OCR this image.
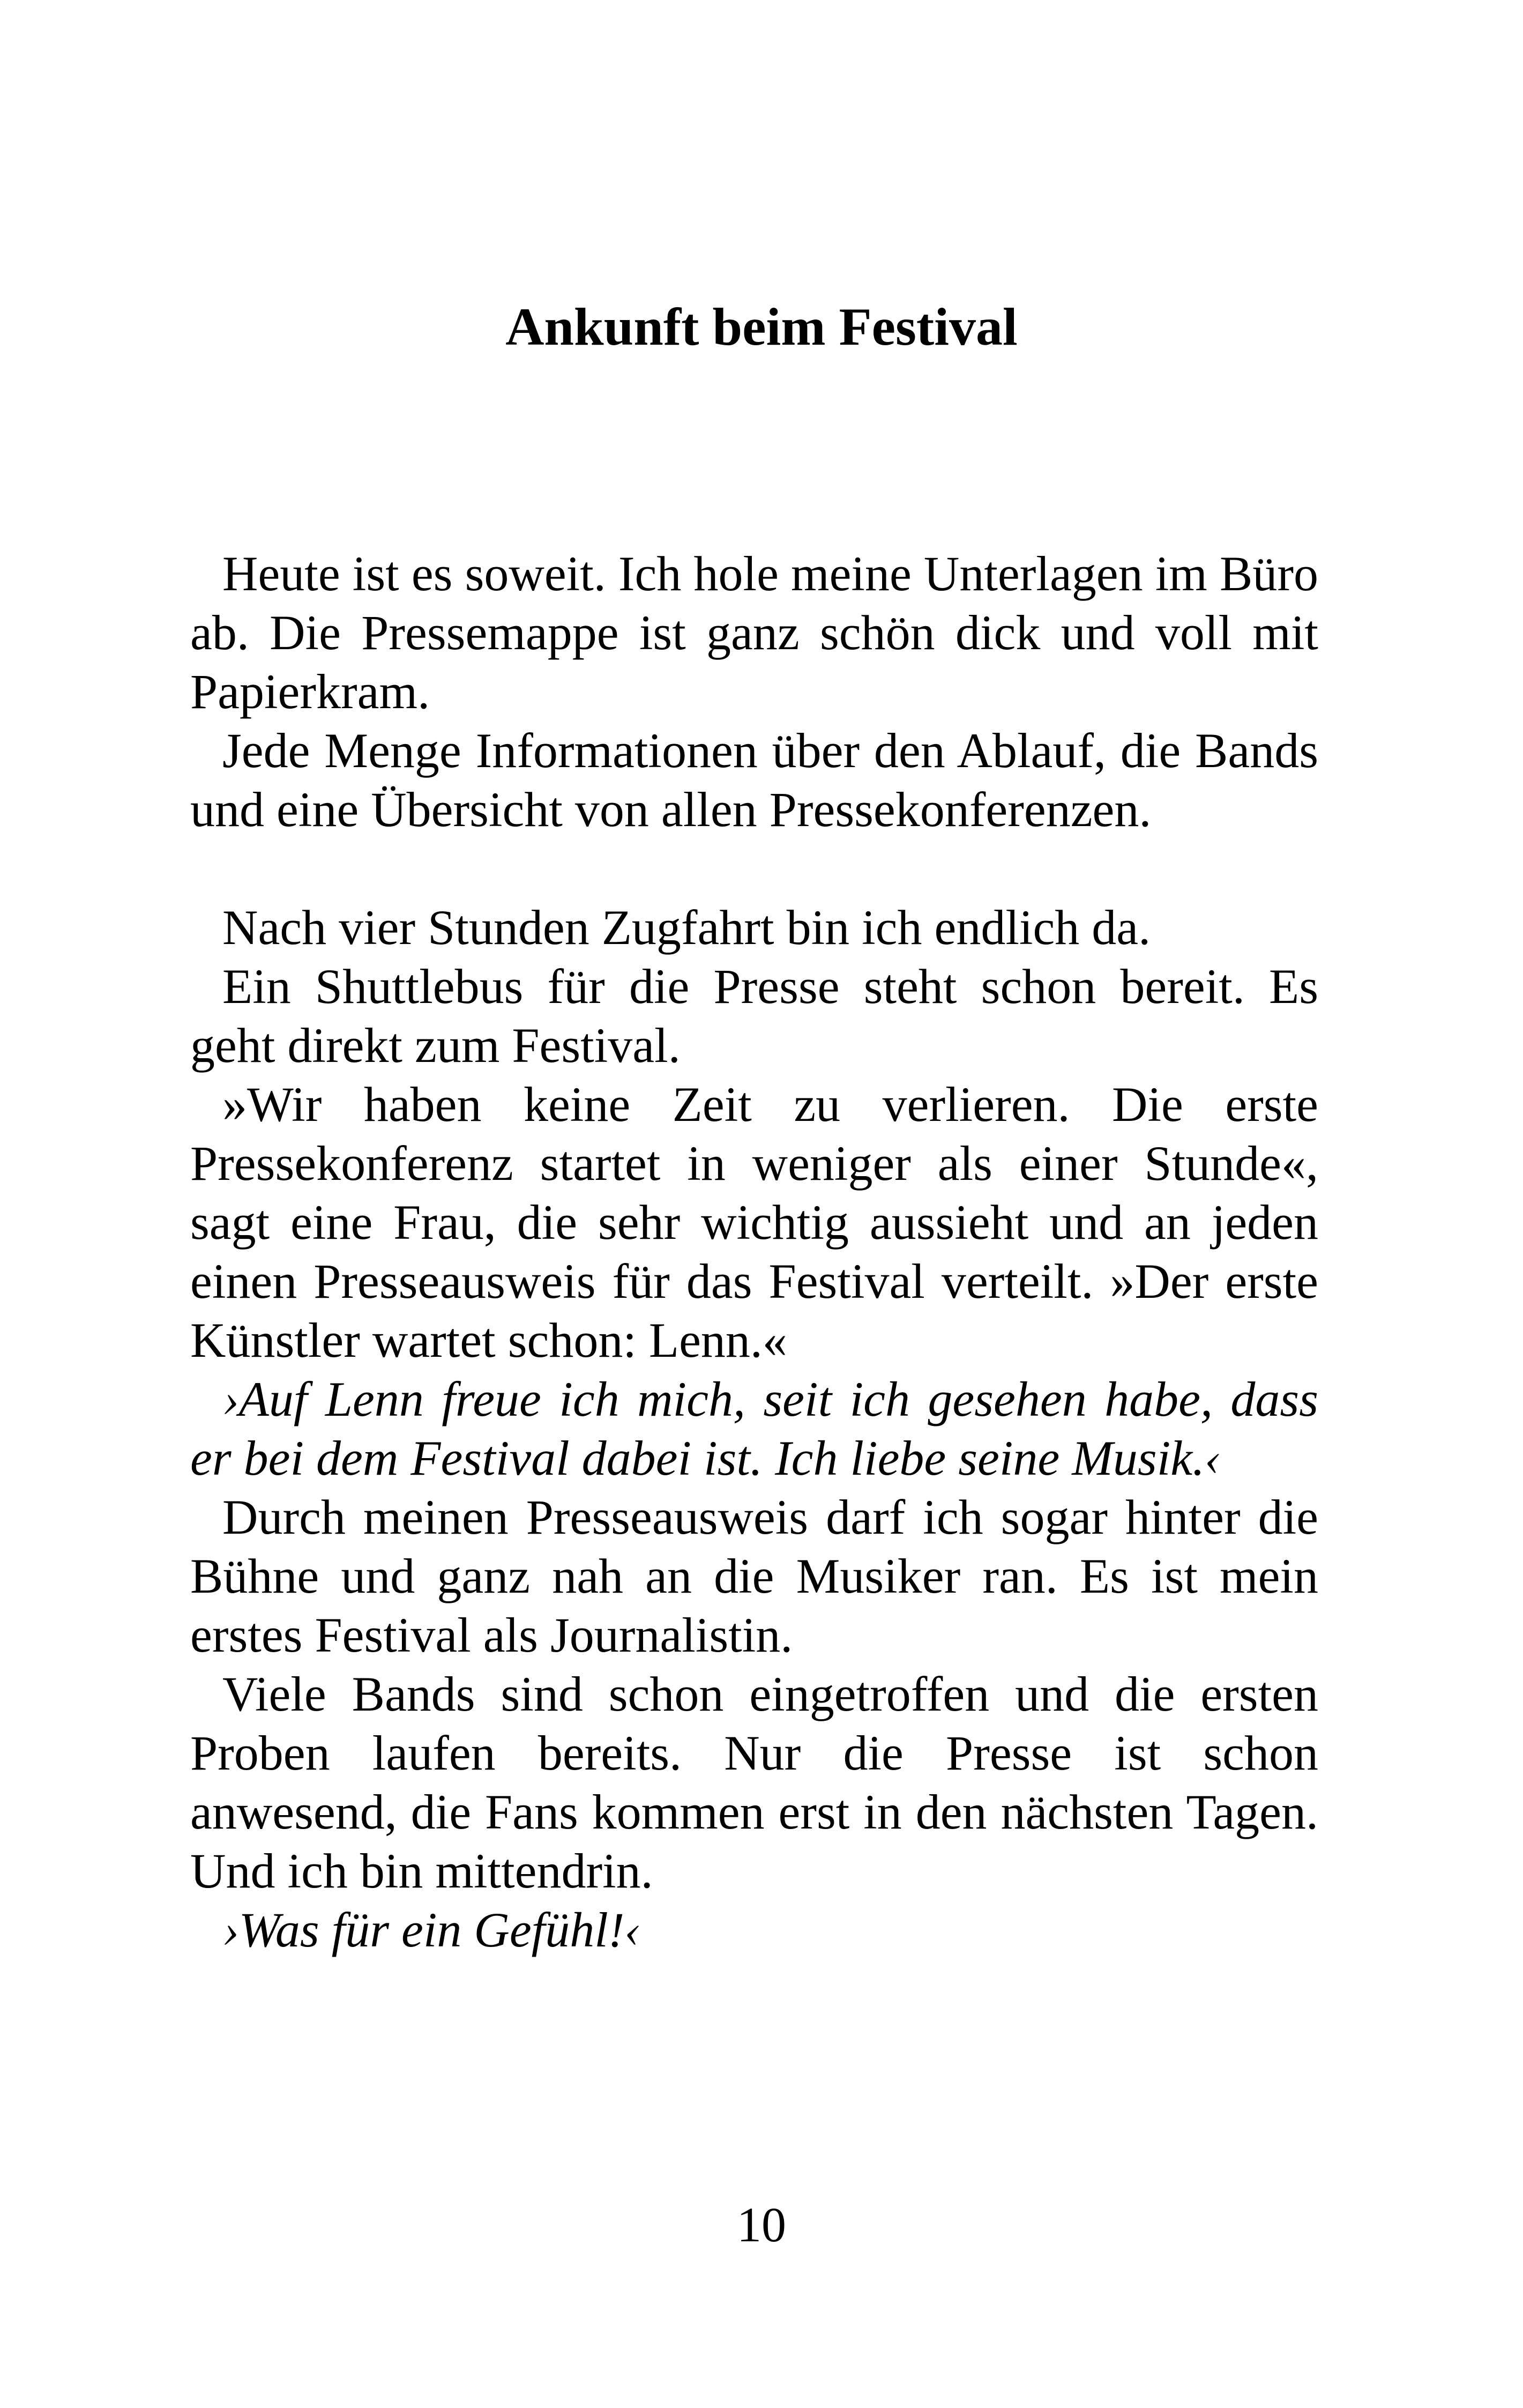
Ankunft beim Festival

Heute ist es soweit. Ich hole meine Unterlagen im Büro ab. Die Pressemappe ist ganz schön dick und voll mit Papierkram.

Jede Menge Informationen über den Ablauf, die Bands und eine Übersicht von allen Pressekonferenzen.

Nach vier Stunden Zugfahrt bin ich endlich da.

Ein Shuttlebus für die Presse steht schon bereit. Es geht direkt zum Festival.

»Wir haben keine Zeit zu verlieren. Die erste Pressekonferenz startet in weniger als einer Stunde«, sagt eine Frau, die sehr wichtig aussieht und an jeden einen Presseausweis für das Festival verteilt. »Der erste Künstler wartet schon: Lenn.«

›Auf Lenn freue ich mich, seit ich gesehen habe, dass er bei dem Festival dabei ist. Ich liebe seine Musik.‹

Durch meinen Presseausweis darf ich sogar hinter die Bühne und ganz nah an die Musiker ran. Es ist mein erstes Festival als Journalistin.

Viele Bands sind schon eingetroffen und die ersten Proben laufen bereits. Nur die Presse ist schon anwesend, die Fans kommen erst in den nächsten Tagen. Und ich bin mittendrin.

›Was für ein Gefühl!‹

10
